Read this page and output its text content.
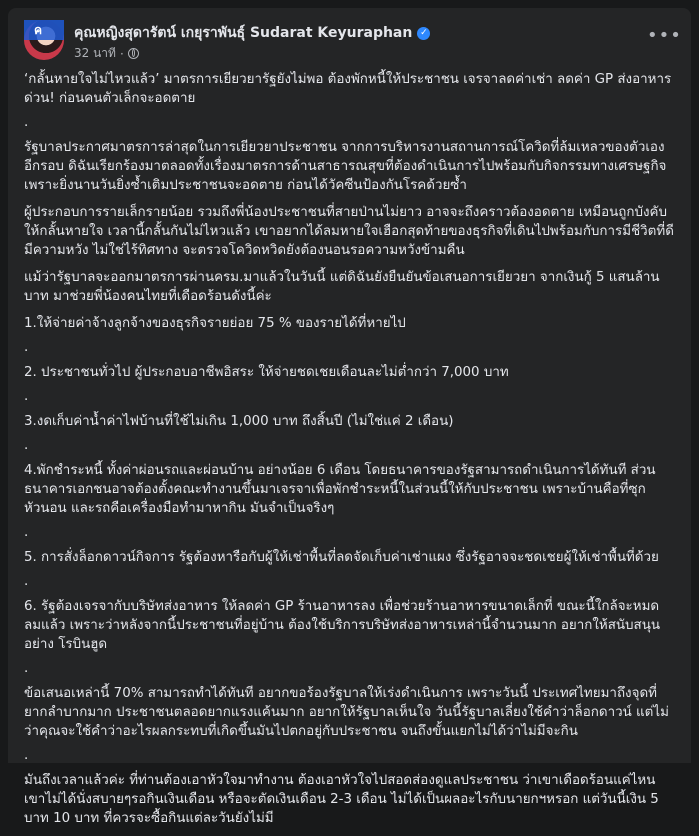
ค คุณหญิงสุดารัตน์ เกยุราพันธุ์ Sudarat Keyuraphan ✓
32 นาที ·
•••

‘กลั้นหายใจไม่ไหวแล้ว’ มาตรการเยียวยารัฐยังไม่พอ ต้องพักหนี้ให้ประชาชน เจรจาลดค่าเช่า ลดค่า GP ส่งอาหาร ด่วน! ก่อนคนตัวเล็กจะอดตาย

.

รัฐบาลประกาศมาตรการล่าสุดในการเยียวยาประชาชน จากการบริหารงานสถานการณ์โควิดที่ล้มเหลวของตัวเองอีกรอบ ดิฉันเรียกร้องมาตลอดทั้งเรื่องมาตรการด้านสาธารณสุขที่ต้องดำเนินการไปพร้อมกับกิจกรรมทางเศรษฐกิจ เพราะยิ่งนานวันยิ่งซ้ำเติมประชาชนจะอดตาย ก่อนได้วัคซีนป้องกันโรคด้วยซ้ำ

ผู้ประกอบการรายเล็กรายน้อย รวมถึงพี่น้องประชาชนที่สายป่านไม่ยาว อาจจะถึงคราวต้องอดตาย เหมือนถูกบังคับให้กลั้นหายใจ เวลานี้กลั้นกันไม่ไหวแล้ว เขาอยากได้ลมหายใจเฮือกสุดท้ายของธุรกิจที่เดินไปพร้อมกับการมีชีวิตที่ดีมีความหวัง ไม่ใช่ไร้ทิศทาง จะตรวจโควิดหวิดยังต้องนอนรอความหวังข้ามคืน

แม้ว่ารัฐบาลจะออกมาตรการผ่านครม.มาแล้วในวันนี้ แต่ดิฉันยังยืนยันข้อเสนอการเยียวยา จากเงินกู้ 5 แสนล้านบาท มาช่วยพี่น้องคนไทยที่เดือดร้อนดังนี้ค่ะ

1.ให้จ่ายค่าจ้างลูกจ้างของธุรกิจรายย่อย 75 % ของรายได้ที่หายไป

.

2. ประชาชนทั่วไป ผู้ประกอบอาชีพอิสระ ให้จ่ายชดเชยเดือนละไม่ต่ำกว่า 7,000 บาท

.

3.งดเก็บค่าน้ำค่าไฟบ้านที่ใช้ไม่เกิน 1,000 บาท ถึงสิ้นปี (ไม่ใช่แค่ 2 เดือน)

.

4.พักชำระหนี้ ทั้งค่าผ่อนรถและผ่อนบ้าน อย่างน้อย 6 เดือน โดยธนาคารของรัฐสามารถดำเนินการได้ทันที ส่วนธนาคารเอกชนอาจต้องตั้งคณะทำงานขึ้นมาเจรจาเพื่อพักชำระหนี้ในส่วนนี้ให้กับประชาชน เพราะบ้านคือที่ซุกหัวนอน และรถคือเครื่องมือทำมาหากิน มันจำเป็นจริงๆ

.

5. การสั่งล็อกดาวน์กิจการ รัฐต้องหารือกับผู้ให้เช่าพื้นที่ลดจัดเก็บค่าเช่าแผง ซึ่งรัฐอาจจะชดเชยผู้ให้เช่าพื้นที่ด้วย

.

6. รัฐต้องเจรจากับบริษัทส่งอาหาร ให้ลดค่า GP ร้านอาหารลง เพื่อช่วยร้านอาหารขนาดเล็กที่ ขณะนี้ใกล้จะหมดลมแล้ว เพราะว่าหลังจากนี้ประชาชนที่อยู่บ้าน ต้องใช้บริการบริษัทส่งอาหารเหล่านี้จำนวนมาก อยากให้สนับสนุนอย่าง โรบินฮูด

.

ข้อเสนอเหล่านี้ 70% สามารถทำได้ทันที อยากขอร้องรัฐบาลให้เร่งดำเนินการ เพราะวันนี้ ประเทศไทยมาถึงจุดที่ยากลำบากมาก ประชาชนตลอดยากแรงแค้นมาก อยากให้รัฐบาลเห็นใจ วันนี้รัฐบาลเลี่ยงใช้คำว่าล็อกดาวน์ แต่ไม่ว่าคุณจะใช้คำว่าอะไรผลกระทบที่เกิดขึ้นมันไปตกอยู่กับประชาชน จนถึงขั้นแยกไม่ได้ว่าไม่มีจะกิน

.

มันถึงเวลาแล้วค่ะ ที่ท่านต้องเอาหัวใจมาทำงาน ต้องเอาหัวใจไปสอดส่องดูแลประชาชน ว่าเขาเดือดร้อนแค่ไหน เขาไม่ได้นั่งสบายๆรอกินเงินเดือน หรือจะตัดเงินเดือน 2-3 เดือน ไม่ได้เป็นผลอะไรกับนายกฯหรอก แต่วันนี้เงิน 5 บาท 10 บาท ที่ควรจะซื้อกินแต่ละวันยังไม่มี
